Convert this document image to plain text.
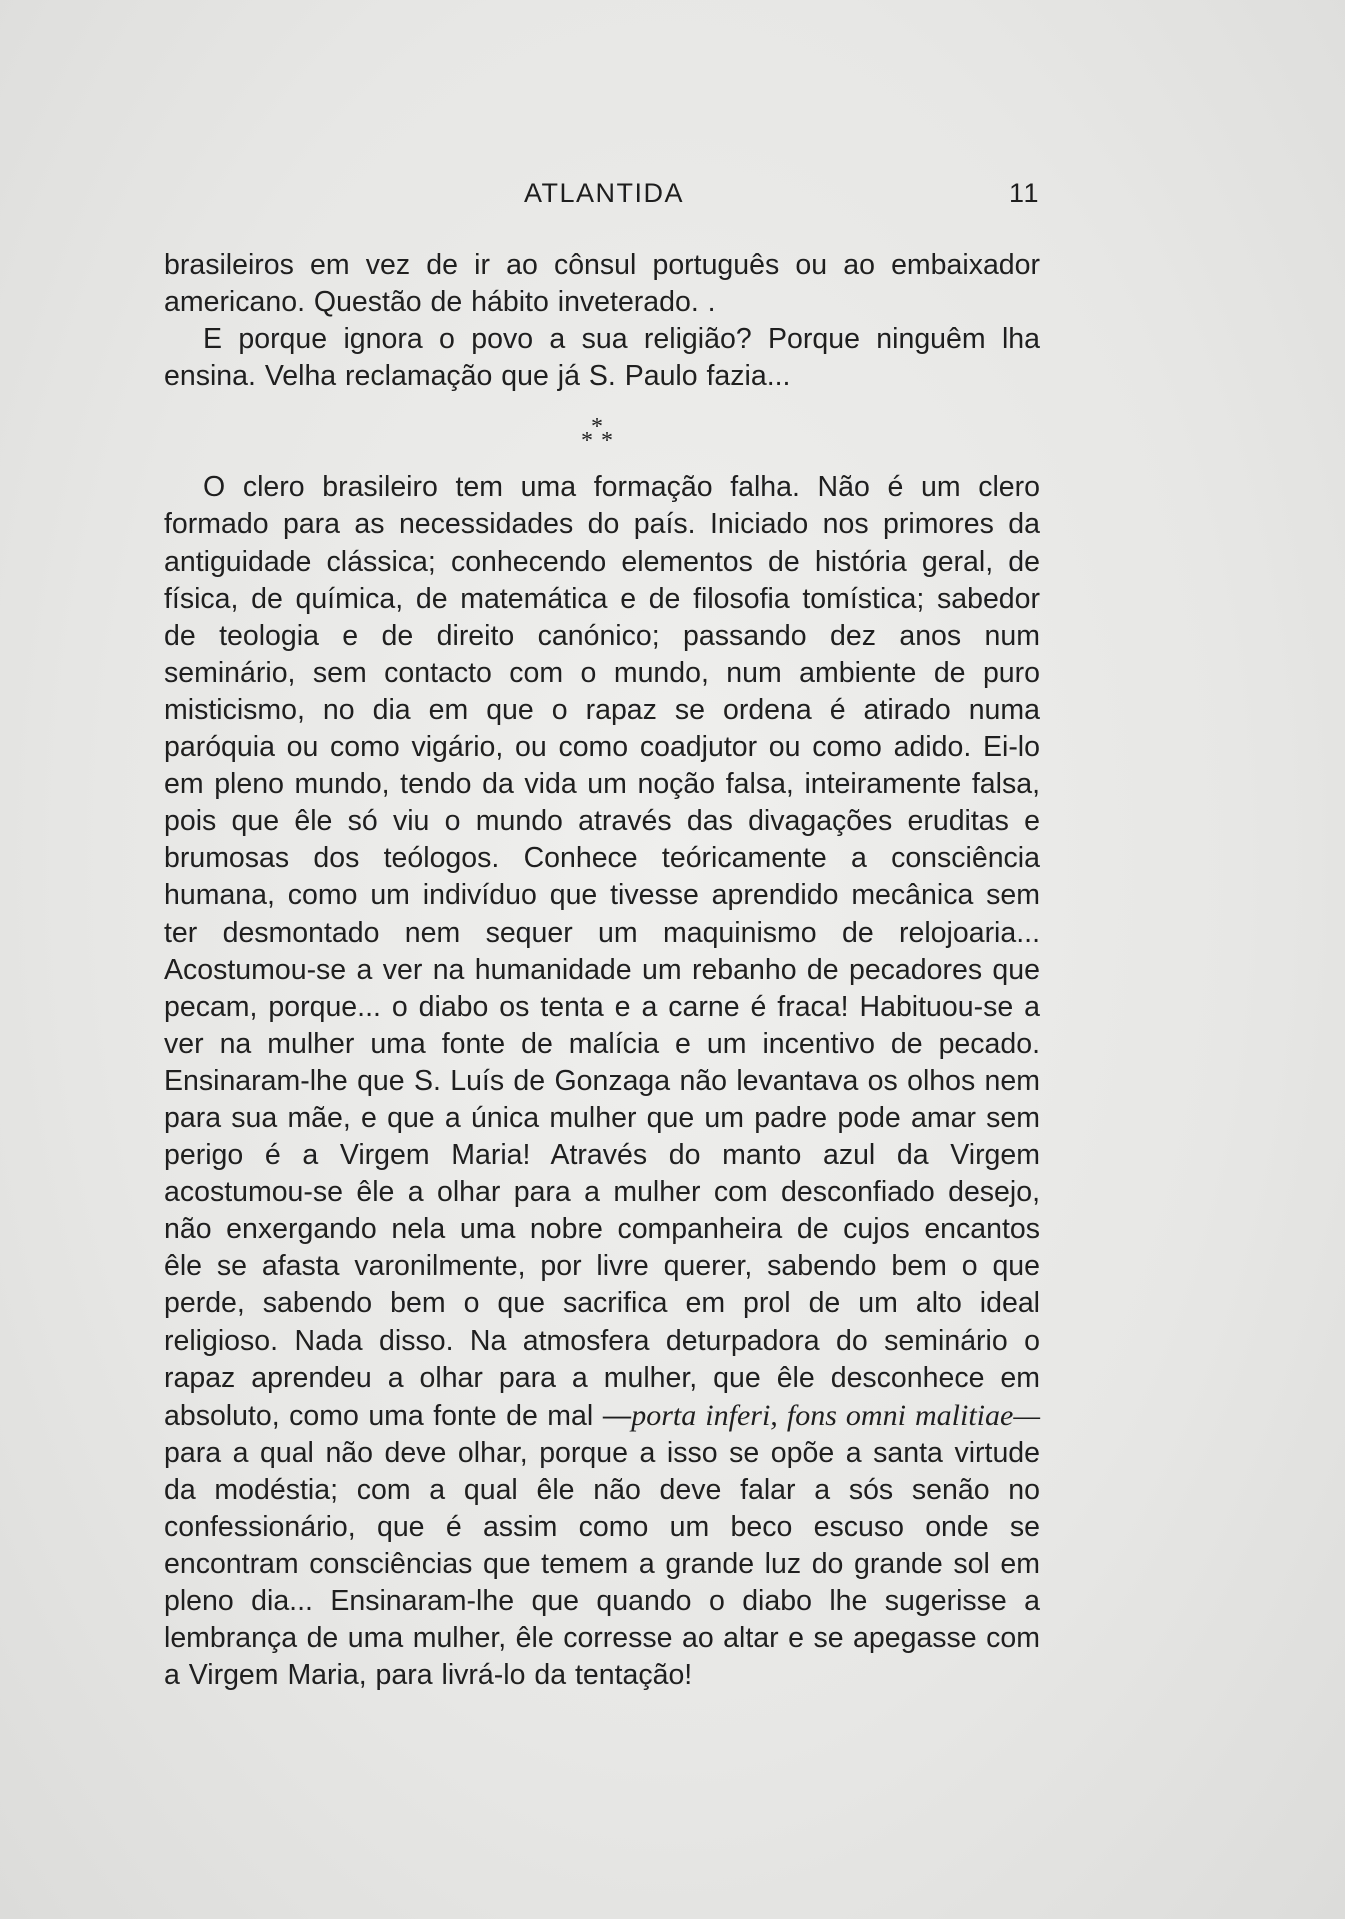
ATLANTIDA	11

brasileiros em vez de ir ao cônsul português ou ao embaixador americano. Questão de hábito inveterado. .

E porque ignora o povo a sua religião? Porque ninguêm lha ensina. Velha reclamação que já S. Paulo fazia...

*
* *

O clero brasileiro tem uma formação falha. Não é um clero formado para as necessidades do país. Iniciado nos primores da antiguidade clássica; conhecendo elementos de história geral, de física, de química, de matemática e de filosofia tomística; sabedor de teologia e de direito canónico; passando dez anos num seminário, sem contacto com o mundo, num ambiente de puro misticismo, no dia em que o rapaz se ordena é atirado numa paróquia ou como vigário, ou como coadjutor ou como adido. Ei-lo em pleno mundo, tendo da vida um noção falsa, inteiramente falsa, pois que êle só viu o mundo através das divagações eruditas e brumosas dos teólogos. Conhece teóricamente a consciência humana, como um indivíduo que tivesse aprendido mecânica sem ter desmontado nem sequer um maquinismo de relojoaria... Acostumou-se a ver na humanidade um rebanho de pecadores que pecam, porque... o diabo os tenta e a carne é fraca! Habituou-se a ver na mulher uma fonte de malícia e um incentivo de pecado. Ensinaram-lhe que S. Luís de Gonzaga não levantava os olhos nem para sua mãe, e que a única mulher que um padre pode amar sem perigo é a Virgem Maria! Através do manto azul da Virgem acostumou-se êle a olhar para a mulher com desconfiado desejo, não enxergando nela uma nobre companheira de cujos encantos êle se afasta varonilmente, por livre querer, sabendo bem o que perde, sabendo bem o que sacrifica em prol de um alto ideal religioso. Nada disso. Na atmosfera deturpadora do seminário o rapaz aprendeu a olhar para a mulher, que êle desconhece em absoluto, como uma fonte de mal —porta inferi, fons omni malitiae—para a qual não deve olhar, porque a isso se opõe a santa virtude da modéstia; com a qual êle não deve falar a sós senão no confessionário, que é assim como um beco escuso onde se encontram consciências que temem a grande luz do grande sol em pleno dia... Ensinaram-lhe que quando o diabo lhe sugerisse a lembrança de uma mulher, êle corresse ao altar e se apegasse com a Virgem Maria, para livrá-lo da tentação!
